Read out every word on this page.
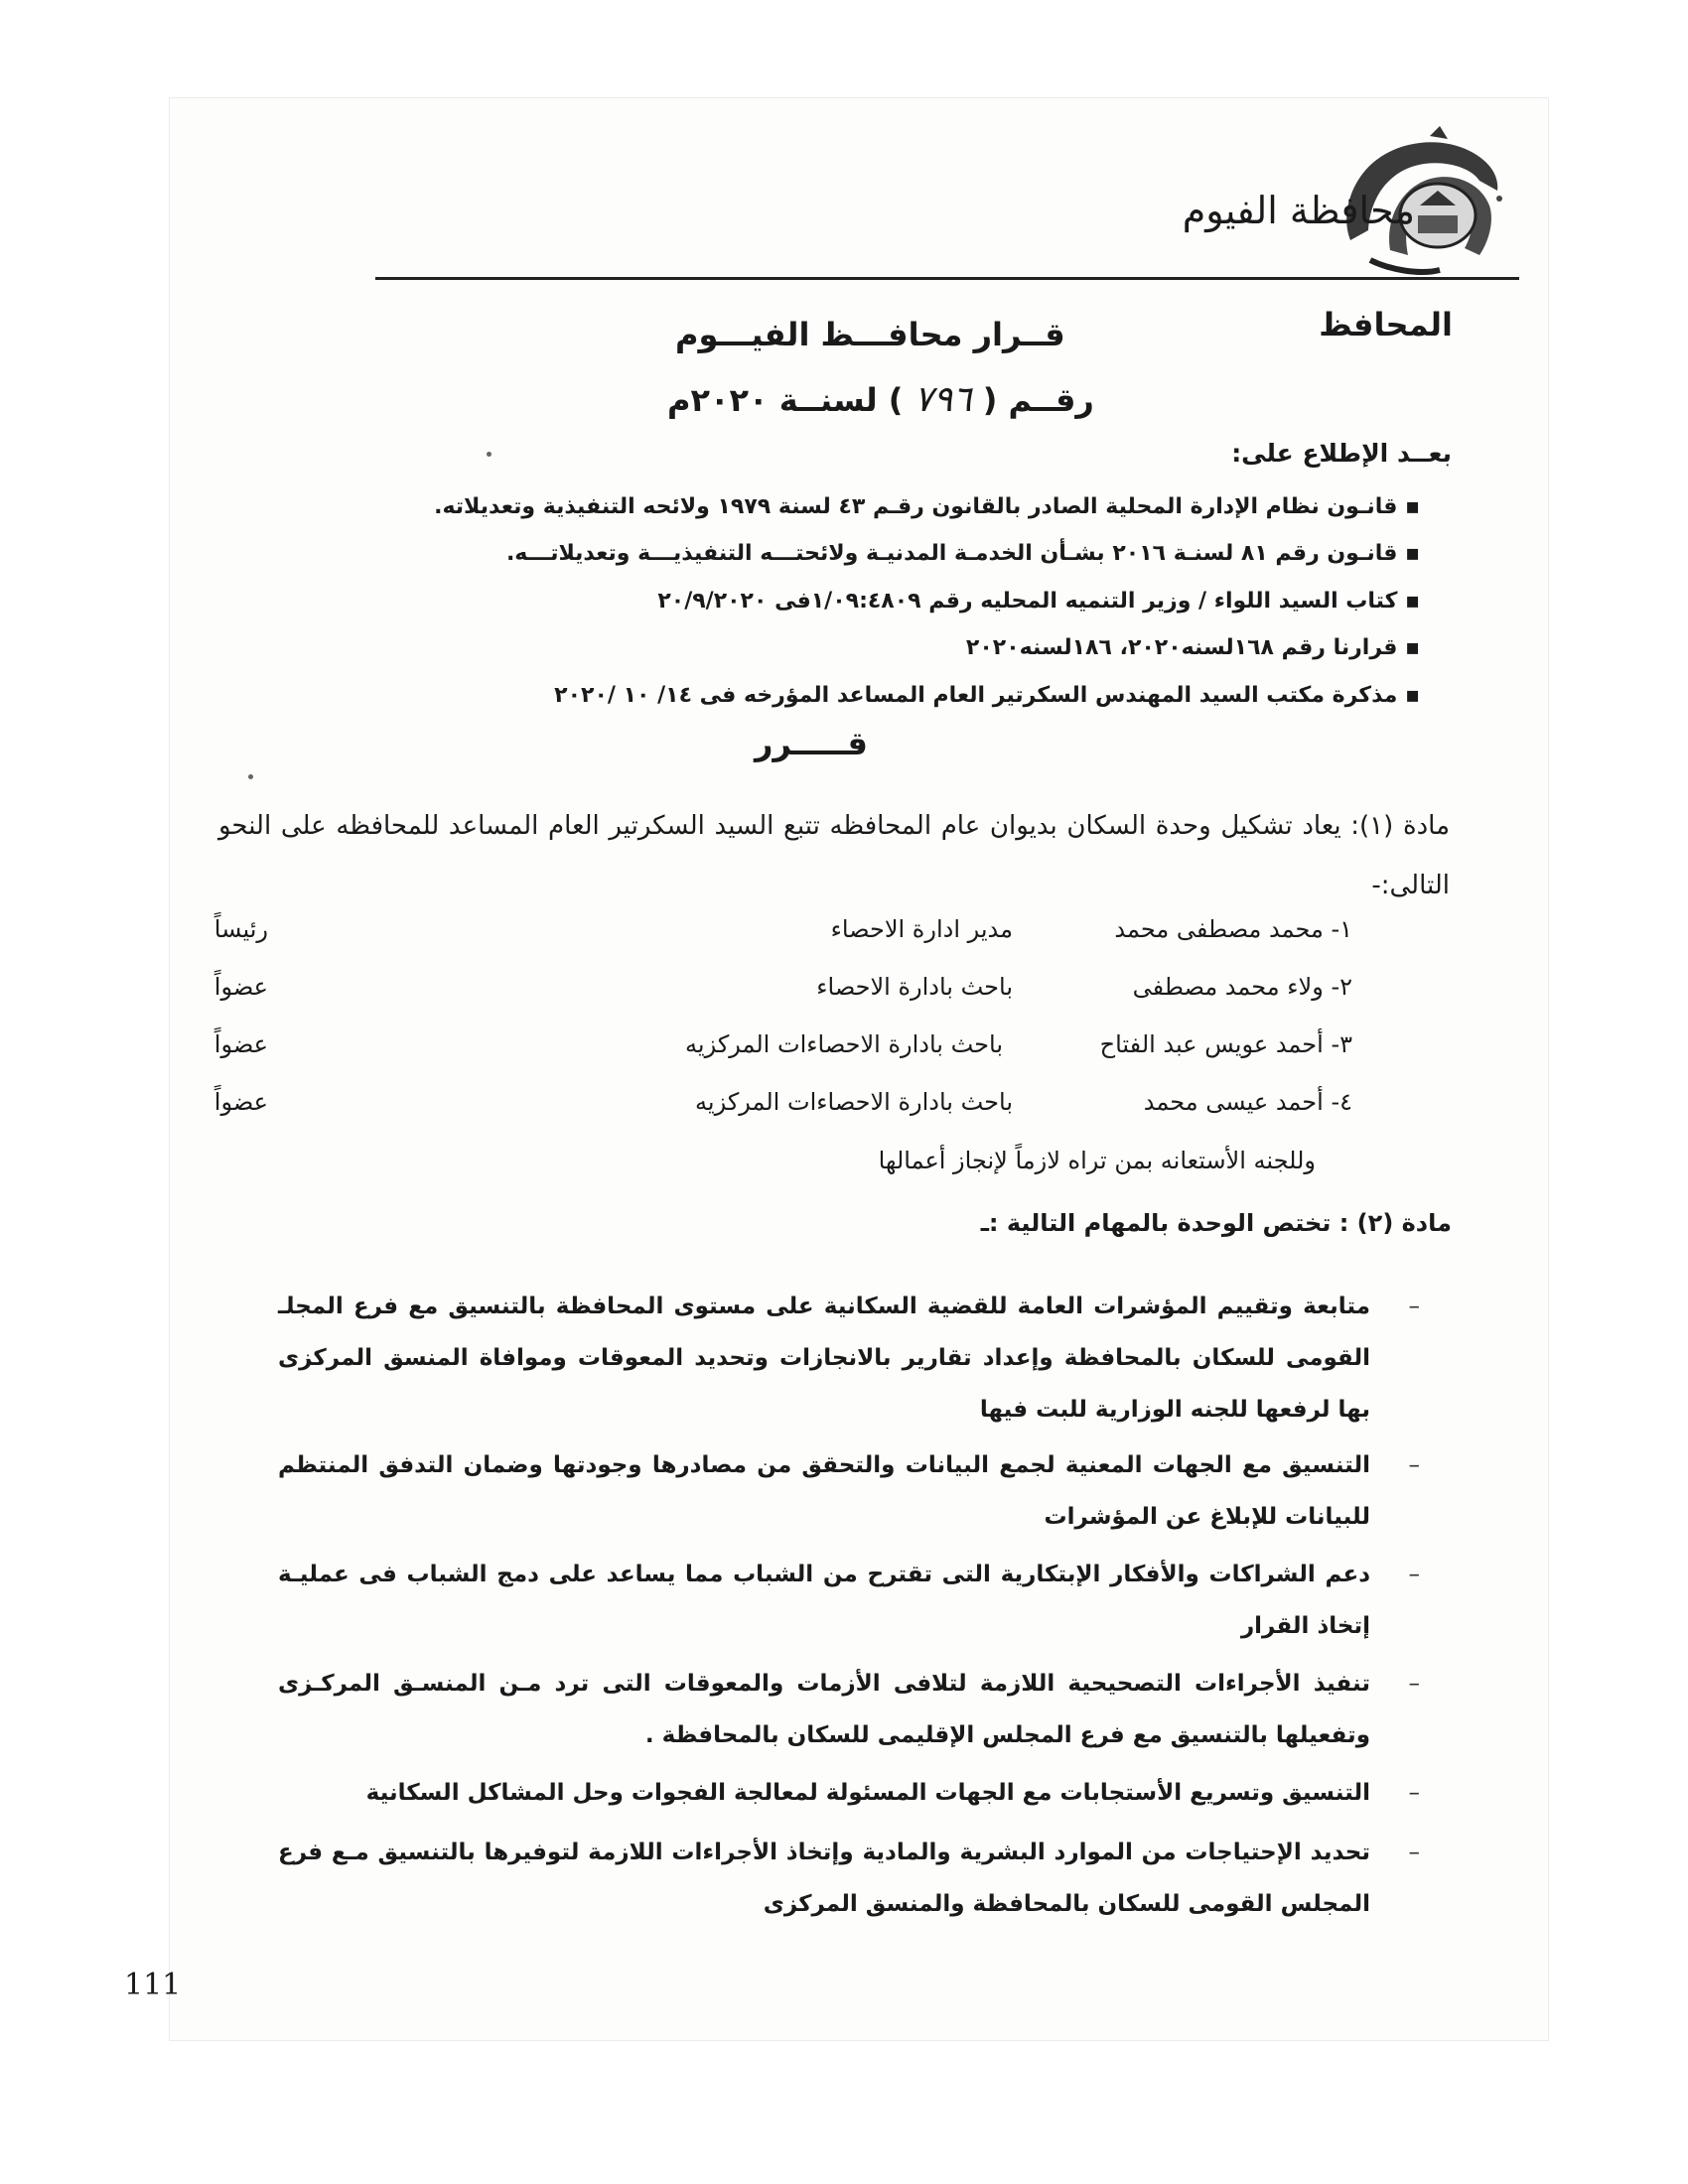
محافظة الفيوم
المحافظ
قــرار محافـــظ الفيـــوم
رقــم ( ٧٩٦ ) لسنــة ٢٠٢٠م
بعــد الإطلاع على:
▪ قانـون نظام الإدارة المحلية الصادر بالقانون رقـم ٤٣ لسنة ١٩٧٩ ولائحه التنفيذية وتعديلاته.
▪ قانـون رقم ٨١ لسنـة ٢٠١٦ بشـأن الخدمـة المدنيـة ولائحتـــه التنفيذيـــة وتعديلاتـــه.
▪ كتاب السيد اللواء / وزير التنميه المحليه رقم ١/٠٩:٤٨٠٩فى ٢٠/٩/٢٠٢٠
▪ قرارنا رقم ١٦٨لسنه٢٠٢٠، ١٨٦لسنه٢٠٢٠
▪ مذكرة مكتب السيد المهندس السكرتير العام المساعد المؤرخه فى ١٤/ ١٠ /٢٠٢٠
قـــــرر
مادة (١): يعاد تشكيل وحدة السكان بديوان عام المحافظه تتبع السيد السكرتير العام المساعد للمحافظه على النحو التالى:-
١- محمد مصطفى محمد
مدير ادارة الاحصاء
رئيساً
٢- ولاء محمد مصطفى
باحث بادارة الاحصاء
عضواً
٣- أحمد عويس عبد الفتاح
باحث بادارة الاحصاءات المركزيه
عضواً
٤- أحمد عيسى محمد
باحث بادارة الاحصاءات المركزيه
عضواً
وللجنه الأستعانه بمن تراه لازماً لإنجاز أعمالها
مادة (٢) : تختص الوحدة بالمهام التالية :ـ
–
متابعة وتقييم المؤشرات العامة للقضية السكانية على مستوى المحافظة بالتنسيق مع فرع المجلـ القومى للسكان بالمحافظة وإعداد تقارير بالانجازات وتحديد المعوقات وموافاة المنسق المركزى بها لرفعها للجنه الوزارية للبت فيها
–
التنسيق مع الجهات المعنية لجمع البيانات والتحقق من مصادرها وجودتها وضمان التدفق المنتظم للبيانات للإبلاغ عن المؤشرات
–
دعم الشراكات والأفكار الإبتكارية التى تقترح من الشباب مما يساعد على دمج الشباب فى عمليـة إتخاذ القرار
–
تنفيذ الأجراءات التصحيحية اللازمة لتلافى الأزمات والمعوقات التى ترد مـن المنسـق المركـزى وتفعيلها بالتنسيق مع فرع المجلس الإقليمى للسكان بالمحافظة .
–
التنسيق وتسريع الأستجابات مع الجهات المسئولة لمعالجة الفجوات وحل المشاكل السكانية
–
تحديد الإحتياجات من الموارد البشرية والمادية وإتخاذ الأجراءات اللازمة لتوفيرها بالتنسيق مـع فرع المجلس القومى للسكان بالمحافظة والمنسق المركزى
111
